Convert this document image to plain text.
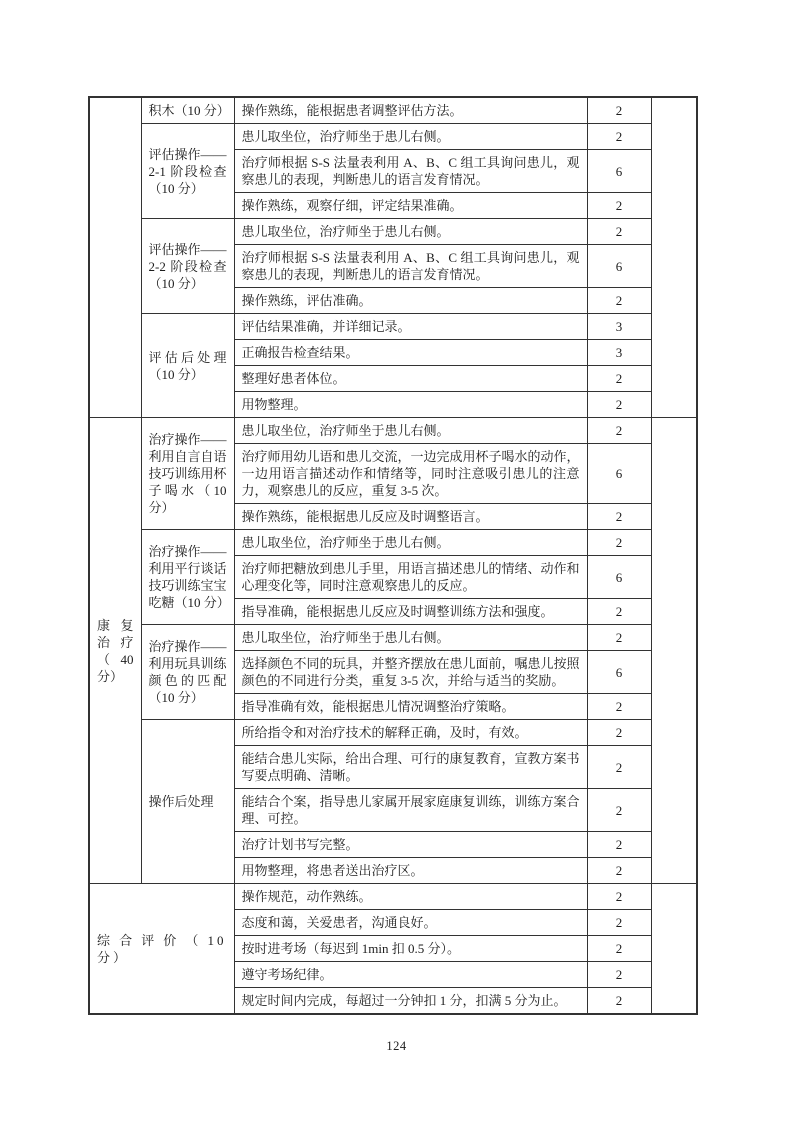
	积木（10 分）	操作熟练，能根据患者调整评估方法。	2	
	评估操作——2-1 阶段检查（10 分）	患儿取坐位，治疗师坐于患儿右侧。	2	
		治疗师根据 S-S 法量表利用 A、B、C 组工具询问患儿，观察患儿的表现，判断患儿的语言发育情况。	6	
		操作熟练，观察仔细，评定结果准确。	2	
	评估操作——2-2 阶段检查（10 分）	患儿取坐位，治疗师坐于患儿右侧。	2	
		治疗师根据 S-S 法量表利用 A、B、C 组工具询问患儿，观察患儿的表现，判断患儿的语言发育情况。	6	
		操作熟练，评估准确。	2	
	评估后处理（10 分）	评估结果准确，并详细记录。	3	
		正确报告检查结果。	3	
		整理好患者体位。	2	
		用物整理。	2	
康复治疗（40 分）	治疗操作——利用自言自语技巧训练用杯子喝水（10 分）	患儿取坐位，治疗师坐于患儿右侧。	2	
		治疗师用幼儿语和患儿交流，一边完成用杯子喝水的动作，一边用语言描述动作和情绪等，同时注意吸引患儿的注意力，观察患儿的反应，重复 3-5 次。	6	
		操作熟练，能根据患儿反应及时调整语言。	2	
	治疗操作——利用平行谈话技巧训练宝宝吃糖（10 分）	患儿取坐位，治疗师坐于患儿右侧。	2	
		治疗师把糖放到患儿手里，用语言描述患儿的情绪、动作和心理变化等，同时注意观察患儿的反应。	6	
		指导准确，能根据患儿反应及时调整训练方法和强度。	2	
	治疗操作——利用玩具训练颜色的匹配（10 分）	患儿取坐位，治疗师坐于患儿右侧。	2	
		选择颜色不同的玩具，并整齐摆放在患儿面前，嘱患儿按照颜色的不同进行分类，重复 3-5 次，并给与适当的奖励。	6	
		指导准确有效，能根据患儿情况调整治疗策略。	2	
	操作后处理	所给指令和对治疗技术的解释正确，及时，有效。	2	
		能结合患儿实际，给出合理、可行的康复教育，宣教方案书写要点明确、清晰。	2	
		能结合个案，指导患儿家属开展家庭康复训练，训练方案合理、可控。	2	
		治疗计划书写完整。	2	
		用物整理，将患者送出治疗区。	2	
综合评价（10 分）		操作规范，动作熟练。	2	
		态度和蔼，关爱患者，沟通良好。	2	
		按时进考场（每迟到 1min 扣 0.5 分）。	2	
		遵守考场纪律。	2	
		规定时间内完成，每超过一分钟扣 1 分，扣满 5 分为止。	2	
124
